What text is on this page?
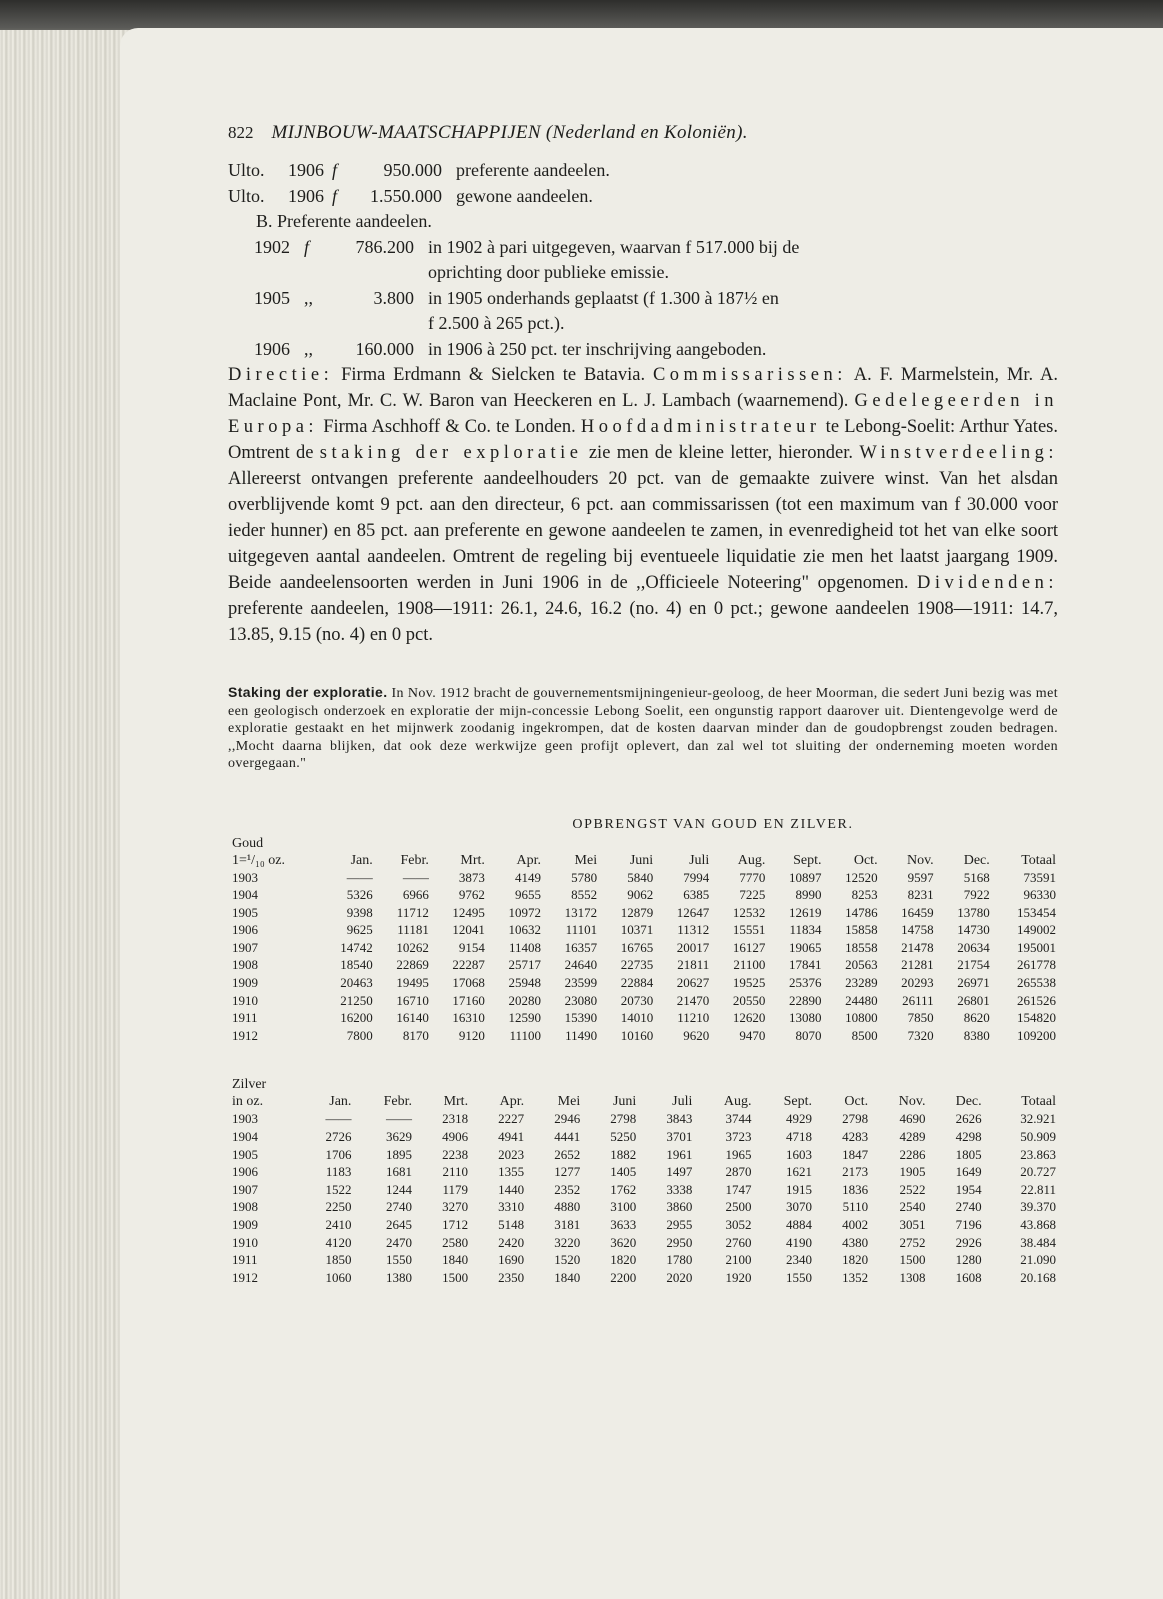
822 MIJNBOUW-MAATSCHAPPIJEN (Nederland en Koloniën).
Ulto.	1906 f	950.000 preferente aandeelen.
Ulto.	1906 f	1.550.000 gewone aandeelen.
B. Preferente aandeelen.
1902 f	786.200 in 1902 à pari uitgegeven, waarvan f 517.000 bij de
oprichting door publieke emissie.
1905 ,,	3.800 in 1905 onderhands geplaatst (f 1.300 à 187½ en
f 2.500 à 265 pct.).
1906 ,,	160.000 in 1906 à 250 pct. ter inschrijving aangeboden.
Directie: Firma Erdmann & Sielcken te Batavia. Commissarissen: A. F. Marmelstein, Mr. A. Maclaine Pont, Mr. C. W. Baron van Heeckeren en L. J. Lambach (waarnemend). Gedelegeerden in Europa: Firma Aschhoff & Co. te Londen. Hoofdadministrateur te Lebong-Soelit: Arthur Yates. Omtrent de staking der exploratie zie men de kleine letter, hieronder. Winstverdeeling: Allereerst ontvangen preferente aandeelhouders 20 pct. van de gemaakte zuivere winst. Van het alsdan overblijvende komt 9 pct. aan den directeur, 6 pct. aan commissarissen (tot een maximum van f 30.000 voor ieder hunner) en 85 pct. aan preferente en gewone aandeelen te zamen, in evenredigheid tot het van elke soort uitgegeven aantal aandeelen. Omtrent de regeling bij eventueele liquidatie zie men het laatst jaargang 1909. Beide aandeelensoorten werden in Juni 1906 in de ,,Officieele Noteering" opgenomen. Dividenden: preferente aandeelen, 1908—1911: 26.1, 24.6, 16.2 (no. 4) en 0 pct.; gewone aandeelen 1908—1911: 14.7, 13.85, 9.15 (no. 4) en 0 pct.
Staking der exploratie. In Nov. 1912 bracht de gouvernementsmijningenieur-geoloog, de heer Moorman, die sedert Juni bezig was met een geologisch onderzoek en exploratie der mijn-concessie Lebong Soelit, een ongunstig rapport daarover uit. Dientengevolge werd de exploratie gestaakt en het mijnwerk zoodanig ingekrompen, dat de kosten daarvan minder dan de goudopbrengst zouden bedragen. ,,Mocht daarna blijken, dat ook deze werkwijze geen profijt oplevert, dan zal wel tot sluiting der onderneming moeten worden overgegaan."
OPBRENGST VAN GOUD EN ZILVER.
Goud													
1=¹/₁₀ oz.	Jan.	Febr.	Mrt.	Apr.	Mei	Juni	Juli	Aug.	Sept.	Oct.	Nov.	Dec.	Totaal
1903	——	——	3873	4149	5780	5840	7994	7770	10897	12520	9597	5168	73591
1904	5326	6966	9762	9655	8552	9062	6385	7225	8990	8253	8231	7922	96330
1905	9398	11712	12495	10972	13172	12879	12647	12532	12619	14786	16459	13780	153454
1906	9625	11181	12041	10632	11101	10371	11312	15551	11834	15858	14758	14730	149002
1907	14742	10262	9154	11408	16357	16765	20017	16127	19065	18558	21478	20634	195001
1908	18540	22869	22287	25717	24640	22735	21811	21100	17841	20563	21281	21754	261778
1909	20463	19495	17068	25948	23599	22884	20627	19525	25376	23289	20293	26971	265538
1910	21250	16710	17160	20280	23080	20730	21470	20550	22890	24480	26111	26801	261526
1911	16200	16140	16310	12590	15390	14010	11210	12620	13080	10800	7850	8620	154820
1912	7800	8170	9120	11100	11490	10160	9620	9470	8070	8500	7320	8380	109200
Zilver													
in oz.	Jan.	Febr.	Mrt.	Apr.	Mei	Juni	Juli	Aug.	Sept.	Oct.	Nov.	Dec.	Totaal
1903	——	——	2318	2227	2946	2798	3843	3744	4929	2798	4690	2626	32.921
1904	2726	3629	4906	4941	4441	5250	3701	3723	4718	4283	4289	4298	50.909
1905	1706	1895	2238	2023	2652	1882	1961	1965	1603	1847	2286	1805	23.863
1906	1183	1681	2110	1355	1277	1405	1497	2870	1621	2173	1905	1649	20.727
1907	1522	1244	1179	1440	2352	1762	3338	1747	1915	1836	2522	1954	22.811
1908	2250	2740	3270	3310	4880	3100	3860	2500	3070	5110	2540	2740	39.370
1909	2410	2645	1712	5148	3181	3633	2955	3052	4884	4002	3051	7196	43.868
1910	4120	2470	2580	2420	3220	3620	2950	2760	4190	4380	2752	2926	38.484
1911	1850	1550	1840	1690	1520	1820	1780	2100	2340	1820	1500	1280	21.090
1912	1060	1380	1500	2350	1840	2200	2020	1920	1550	1352	1308	1608	20.168
